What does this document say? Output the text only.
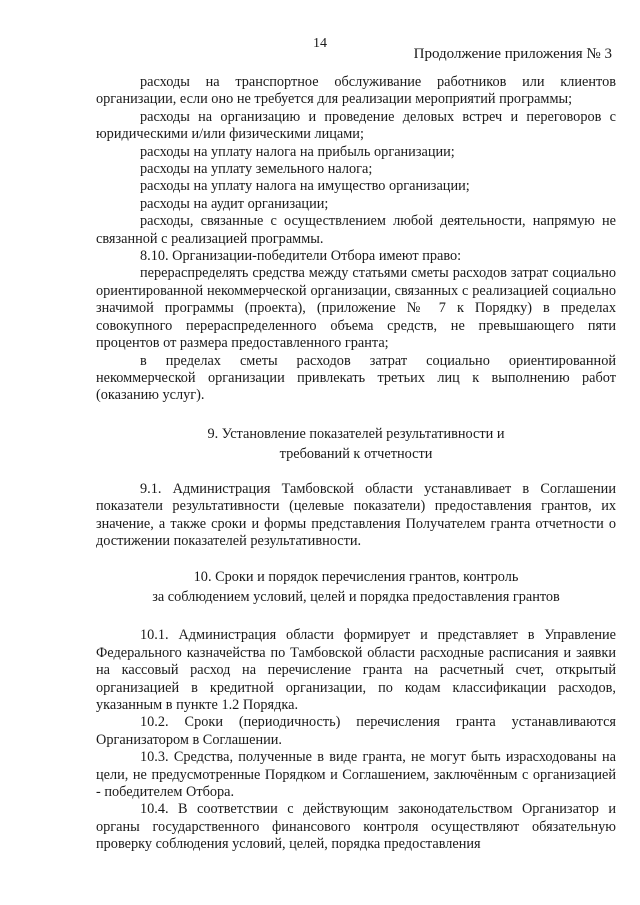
14
Продолжение приложения № 3

расходы на транспортное обслуживание работников или клиентов организации, если оно не требуется для реализации мероприятий программы;

расходы на организацию и проведение деловых встреч и переговоров с юридическими и/или физическими лицами;

расходы на уплату налога на прибыль организации;

расходы на уплату земельного налога;

расходы на уплату налога на имущество организации;

расходы на аудит организации;

расходы, связанные с осуществлением любой деятельности, напрямую не связанной с реализацией программы.

8.10. Организации-победители Отбора имеют право:

перераспределять средства между статьями сметы расходов затрат социально ориентированной некоммерческой организации, связанных с реализацией социально значимой программы (проекта), (приложение № 7 к Порядку) в пределах совокупного перераспределенного объема средств, не превышающего пяти процентов от размера предоставленного гранта;

в пределах сметы расходов затрат социально ориентированной некоммерческой организации привлекать третьих лиц к выполнению работ (оказанию услуг).

9. Установление показателей результативности и

требований к отчетности

9.1. Администрация Тамбовской области устанавливает в Соглашении показатели результативности (целевые показатели) предоставления грантов, их значение, а также сроки и формы представления Получателем гранта отчетности о достижении показателей результативности.

10. Сроки и порядок перечисления грантов, контроль

за соблюдением условий, целей и порядка предоставления грантов

10.1. Администрация области формирует и представляет в Управление Федерального казначейства по Тамбовской области расходные расписания и заявки на кассовый расход на перечисление гранта на расчетный счет, открытый организацией в кредитной организации, по кодам классификации расходов, указанным в пункте 1.2 Порядка.

10.2. Сроки (периодичность) перечисления гранта устанавливаются Организатором в Соглашении.

10.3. Средства, полученные в виде гранта, не могут быть израсходованы на цели, не предусмотренные Порядком и Соглашением, заключённым с организацией - победителем Отбора.

10.4. В соответствии с действующим законодательством Организатор и органы государственного финансового контроля осуществляют обязательную проверку соблюдения условий, целей, порядка предоставления
